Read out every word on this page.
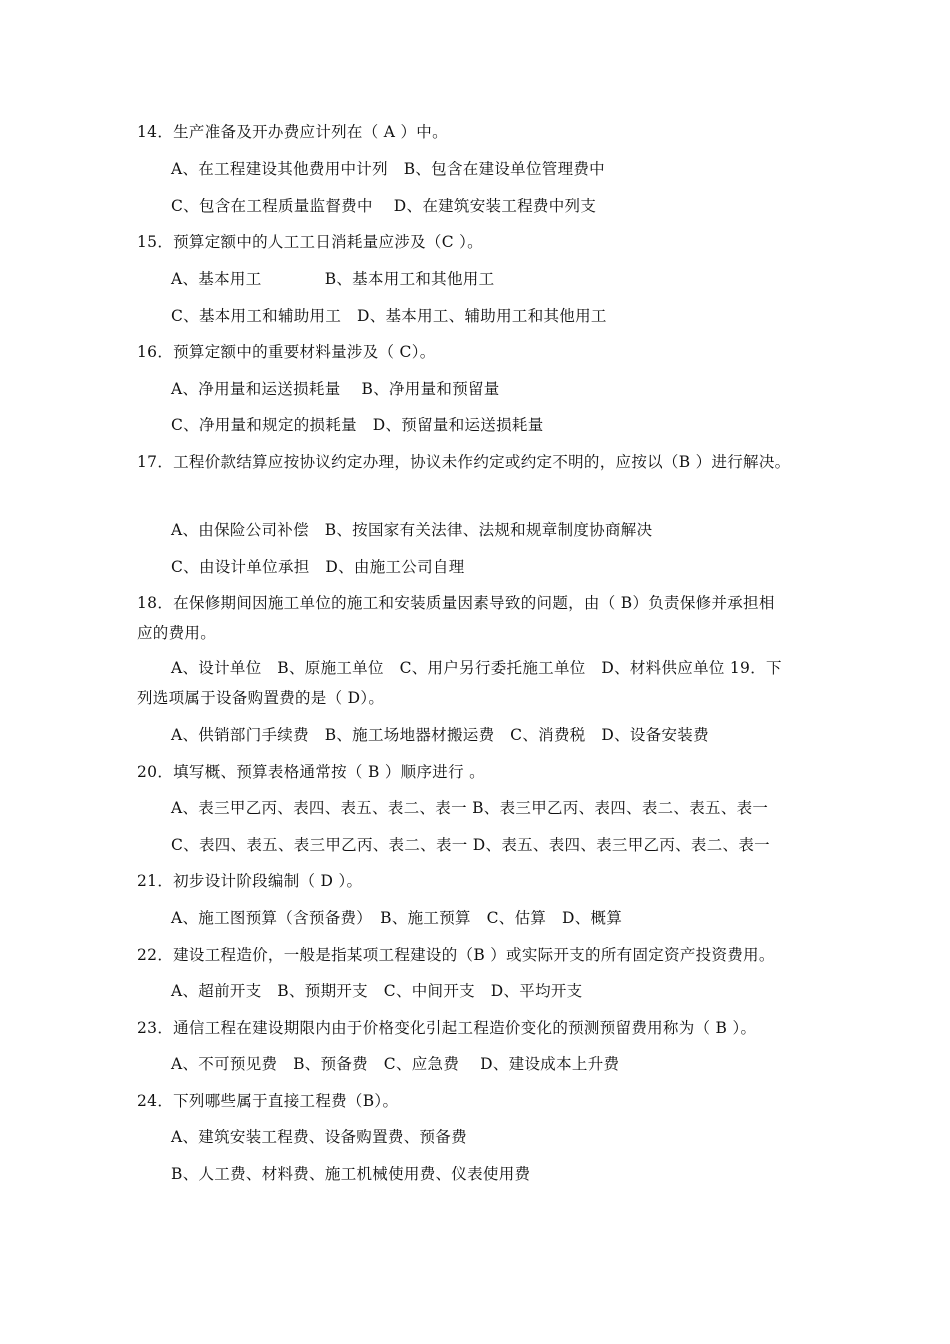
14．生产准备及开办费应计列在（ A ）中。
A、在工程建设其他费用中计列　B、包含在建设单位管理费中
C、包含在工程质量监督费中　 D、在建筑安装工程费中列支
15．预算定额中的人工工日消耗量应涉及（C ）。
A、基本用工　　　　B、基本用工和其他用工
C、基本用工和辅助用工　D、基本用工、辅助用工和其他用工
16．预算定额中的重要材料量涉及（ C）。
A、净用量和运送损耗量　 B、净用量和预留量
C、净用量和规定的损耗量　D、预留量和运送损耗量
17．工程价款结算应按协议约定办理，协议未作约定或约定不明的，应按以（B ）进行解决。
A、由保险公司补偿　B、按国家有关法律、法规和规章制度协商解决
C、由设计单位承担　D、由施工公司自理
18．在保修期间因施工单位的施工和安装质量因素导致的问题，由（ B）负责保修并承担相
应的费用。
A、设计单位　B、原施工单位　C、用户另行委托施工单位　D、材料供应单位 19．下
列选项属于设备购置费的是（ D）。
A、供销部门手续费　B、施工场地器材搬运费　C、消费税　D、设备安装费
20．填写概、预算表格通常按（ B ）顺序进行 。
A、表三甲乙丙、表四、表五、表二、表一 B、表三甲乙丙、表四、表二、表五、表一
C、表四、表五、表三甲乙丙、表二、表一 D、表五、表四、表三甲乙丙、表二、表一
21．初步设计阶段编制（ D ）。
A、施工图预算（含预备费）　B、施工预算　C、估算　D、概算
22．建设工程造价，一般是指某项工程建设的（B ）或实际开支的所有固定资产投资费用。
A、超前开支　B、预期开支　C、中间开支　D、平均开支
23．通信工程在建设期限内由于价格变化引起工程造价变化的预测预留费用称为（ B ）。
A、不可预见费　B、预备费　C、应急费　 D、建设成本上升费
24．下列哪些属于直接工程费（B）。
A、建筑安装工程费、设备购置费、预备费
B、人工费、材料费、施工机械使用费、仪表使用费
